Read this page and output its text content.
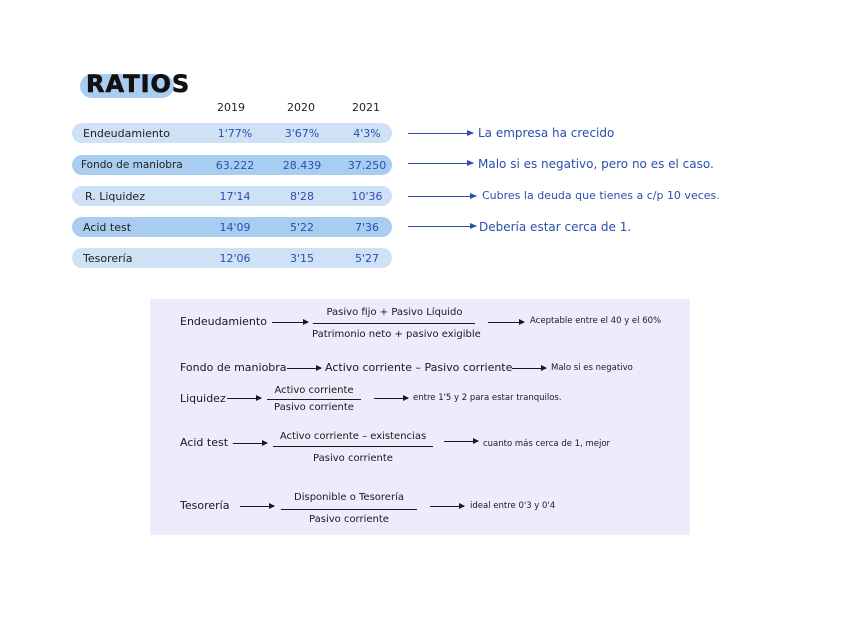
RATIOS
2019	2020	2021
Endeudamiento	1'77%	3'67%	4'3%	La empresa ha crecido
Fondo de maniobra	63.222	28.439	37.250	Malo si es negativo, pero no es el caso.
R. Liquidez	17'14	8'28	10'36	Cubres la deuda que tienes a c/p 10 veces.
Acid test	14'09	5'22	7'36	Debería estar cerca de 1.
Tesorería	12'06	3'15	5'27
Endeudamiento
Pasivo fijo + Pasivo Líquido
Patrimonio neto + pasivo exigible
Aceptable entre el 40 y el 60%
Fondo de maniobra	Activo corriente – Pasivo corriente	Malo si es negativo
Liquidez
Activo corriente
Pasivo corriente
entre 1'5 y 2 para estar tranquilos.
Acid test	Activo corriente – existencias
Pasivo corriente
cuanto más cerca de 1, mejor
Tesorería
Disponible o Tesorería
Pasivo corriente
ideal entre 0'3 y 0'4
